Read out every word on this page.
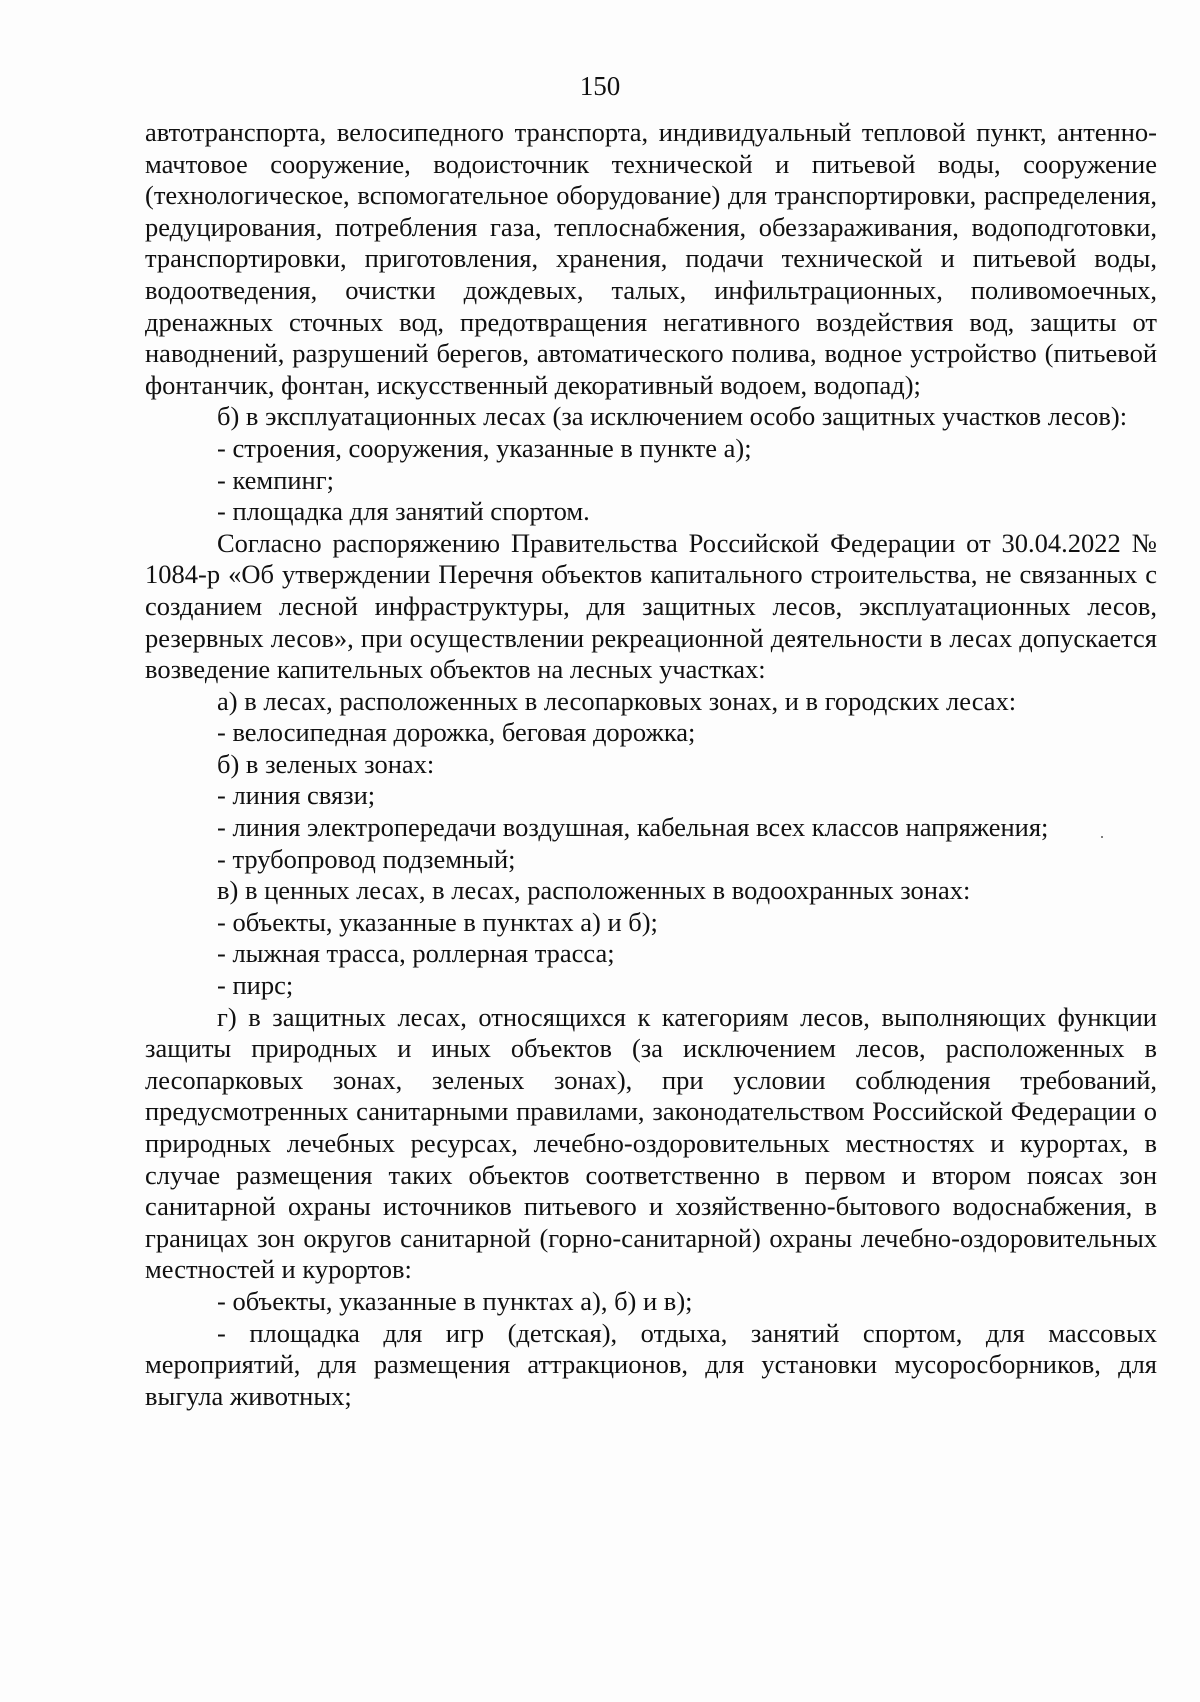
150

автотранспорта, велосипедного транспорта, индивидуальный тепловой пункт, антенно-мачтовое сооружение, водоисточник технической и питьевой воды, сооружение (технологическое, вспомогательное оборудование) для транспортировки, распределения, редуцирования, потребления газа, теплоснабжения, обеззараживания, водоподготовки, транспортировки, приготовления, хранения, подачи технической и питьевой воды, водоотведения, очистки дождевых, талых, инфильтрационных, поливомоечных, дренажных сточных вод, предотвращения негативного воздействия вод, защиты от наводнений, разрушений берегов, автоматического полива, водное устройство (питьевой фонтанчик, фонтан, искусственный декоративный водоем, водопад);

б) в эксплуатационных лесах (за исключением особо защитных участков лесов):

- строения, сооружения, указанные в пункте а);

- кемпинг;

- площадка для занятий спортом.

Согласно распоряжению Правительства Российской Федерации от 30.04.2022 № 1084-р «Об утверждении Перечня объектов капитального строительства, не связанных с созданием лесной инфраструктуры, для защитных лесов, эксплуатационных лесов, резервных лесов», при осуществлении рекреационной деятельности в лесах допускается возведение капительных объектов на лесных участках:

а) в лесах, расположенных в лесопарковых зонах, и в городских лесах:

- велосипедная дорожка, беговая дорожка;

б) в зеленых зонах:

- линия связи;

- линия электропередачи воздушная, кабельная всех классов напряжения;

- трубопровод подземный;

в) в ценных лесах, в лесах, расположенных в водоохранных зонах:

- объекты, указанные в пунктах а) и б);

- лыжная трасса, роллерная трасса;

- пирс;

г) в защитных лесах, относящихся к категориям лесов, выполняющих функции защиты природных и иных объектов (за исключением лесов, расположенных в лесопарковых зонах, зеленых зонах), при условии соблюдения требований, предусмотренных санитарными правилами, законодательством Российской Федерации о природных лечебных ресурсах, лечебно-оздоровительных местностях и курортах, в случае размещения таких объектов соответственно в первом и втором поясах зон санитарной охраны источников питьевого и хозяйственно-бытового водоснабжения, в границах зон округов санитарной (горно-санитарной) охраны лечебно-оздоровительных местностей и курортов:

- объекты, указанные в пунктах а), б) и в);

- площадка для игр (детская), отдыха, занятий спортом, для массовых мероприятий, для размещения аттракционов, для установки мусоросборников, для выгула животных;
